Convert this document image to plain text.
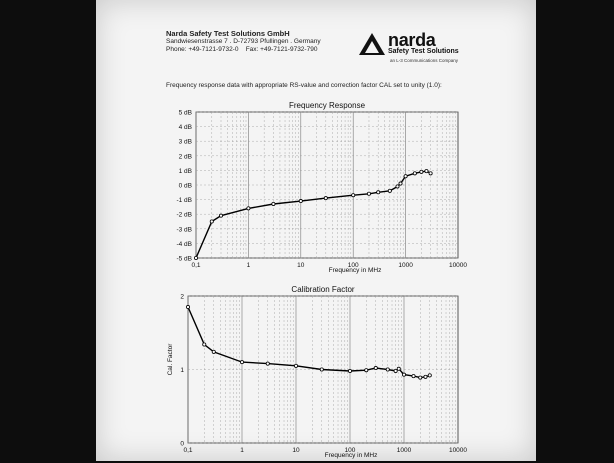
Narda Safety Test Solutions GmbH
Sandwiesenstrasse 7 . D-72793 Pfullingen . Germany
Phone: +49-7121-9732-0 Fax: +49-7121-9732-790	narda
Safety Test Solutions
an L-3 Communications Company
Frequency response data with appropriate RS-value and correction factor CAL set to unity (1.0):
Frequency Response
5 dB
4 dB
3 dB
2 dB
1 dB
0 dB
-1 dB
-2 dB
-3 dB
-4 dB
-5 dB
0,1	1	10	100	1000	10000
Frequency in MHz
Calibration Factor
2
1
0
0,1	1	10	100	1000	10000
Frequency in MHz
Cal. Factor
